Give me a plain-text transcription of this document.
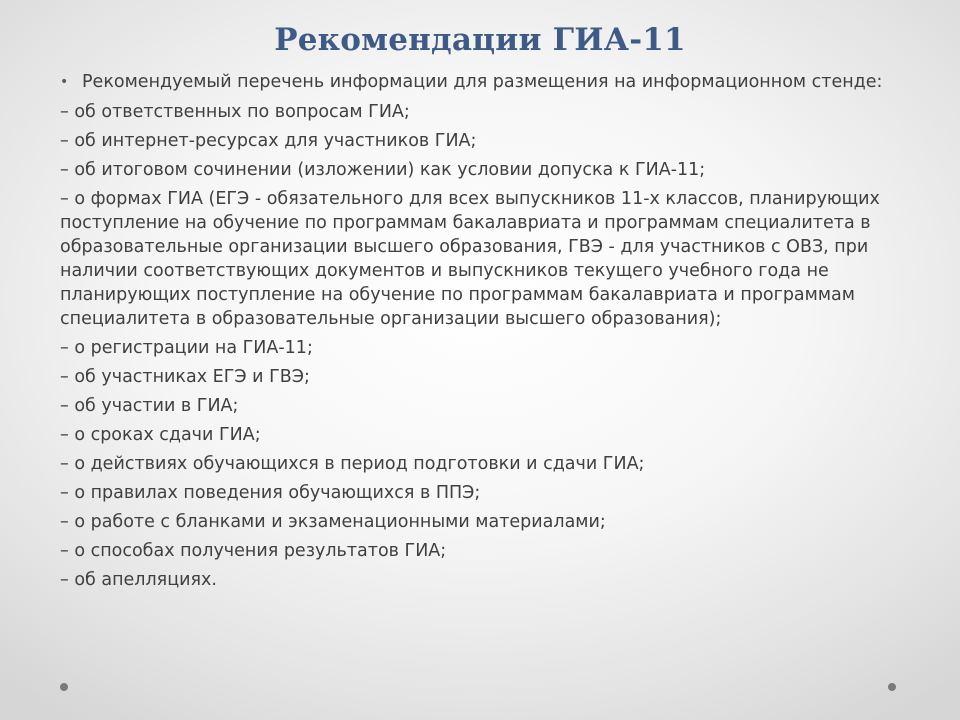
Рекомендации ГИА-11
• Рекомендуемый перечень информации для размещения на информационном стенде:
– об ответственных по вопросам ГИА;
– об интернет-ресурсах для участников ГИА;
– об итоговом сочинении (изложении) как условии допуска к ГИА-11;
– о формах ГИА (ЕГЭ - обязательного для всех выпускников 11-х классов, планирующих поступление на обучение по программам бакалавриата и программам специалитета в образовательные организации высшего образования, ГВЭ - для участников с ОВЗ, при наличии соответствующих документов и выпускников текущего учебного года не планирующих поступление на обучение по программам бакалавриата и программам специалитета в образовательные организации высшего образования);
– о регистрации на ГИА-11;
– об участниках ЕГЭ и ГВЭ;
– об участии в ГИА;
– о сроках сдачи ГИА;
– о действиях обучающихся в период подготовки и сдачи ГИА;
– о правилах поведения обучающихся в ППЭ;
– о работе с бланками и экзаменационными материалами;
– о способах получения результатов ГИА;
– об апелляциях.
